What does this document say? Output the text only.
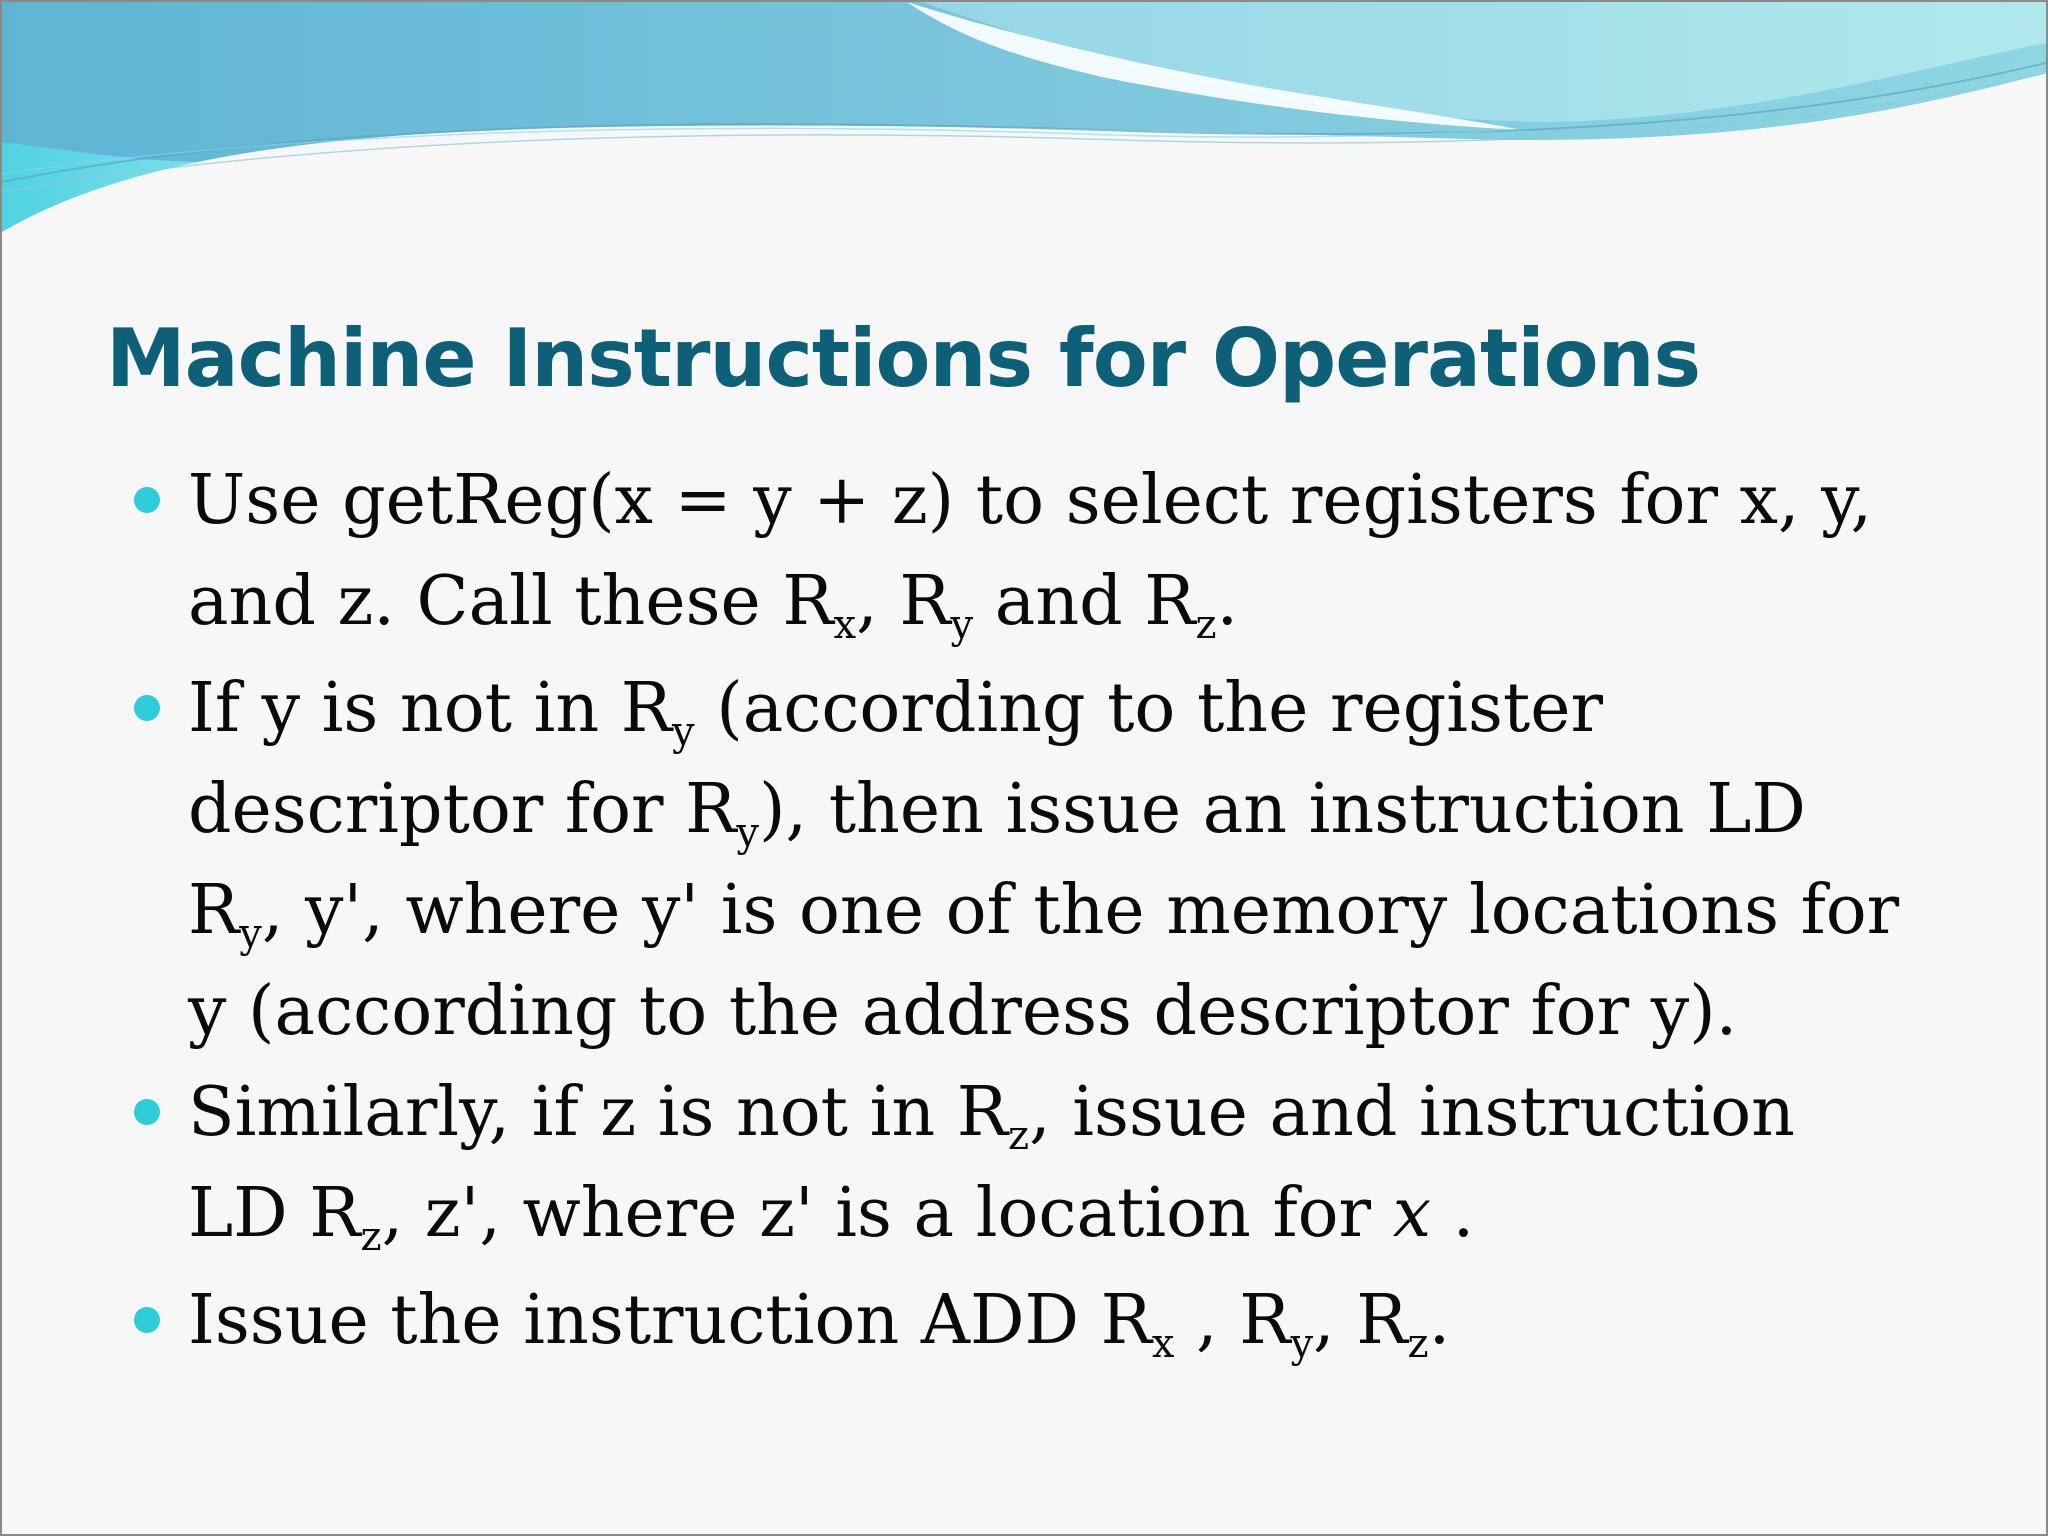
Machine Instructions for Operations
Use getReg(x = y + z) to select registers for x, y,
and z. Call these $R_x$, $R_y$ and $R_z$.
If y is not in $R_y$ (according to the register
descriptor for $R_y$), then issue an instruction LD
$R_y$, y', where y' is one of the memory locations for
y (according to the address descriptor for y).
Similarly, if z is not in $R_z$, issue and instruction
LD $R_z$, z', where z' is a location for x .
Issue the instruction ADD $R_x$ , $R_y$, $R_z$.
